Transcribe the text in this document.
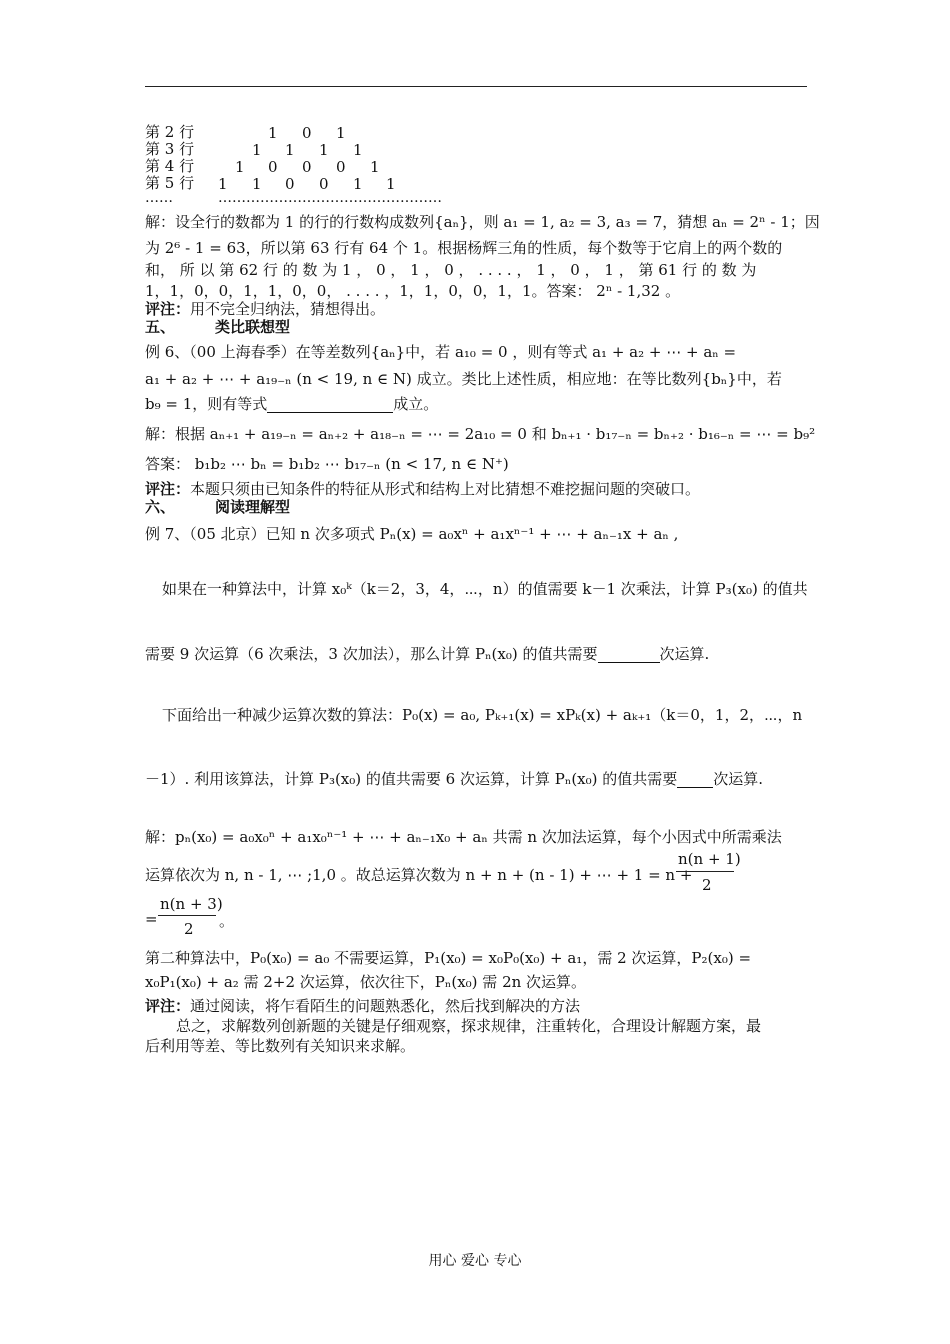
第 2 行	1 0 1
第 3 行	1 1 1 1
第 4 行	1 0 0 0 1
第 5 行 1 1 0 0 1 1
……	…………………………………………
解：设全行的数都为 1 的行的行数构成数列{aₙ}，则 a₁ = 1, a₂ = 3, a₃ = 7，猜想 aₙ = 2ⁿ - 1；因
为 2⁶ - 1 = 63，所以第 63 行有 64 个 1。根据杨辉三角的性质，每个数等于它肩上的两个数的
和， 所 以 第 62 行 的 数 为 1 ， 0 ， 1 ， 0 ， . . . . ， 1 ， 0 ， 1 ， 第 61 行 的 数 为
1，1，0，0，1，1，0，0， . . . . ，1，1，0，0，1，1。答案： 2ⁿ - 1,32 。
评注：用不完全归纳法，猜想得出。
五、	类比联想型
例 6、（00 上海春季）在等差数列{aₙ}中，若 a₁₀ = 0 ，则有等式 a₁ + a₂ + ⋯ + aₙ =
a₁ + a₂ + ⋯ + a₁₉₋ₙ (n < 19, n ∈ N) 成立。类比上述性质，相应地：在等比数列{bₙ}中，若
b₉ = 1，则有等式	成立。
解：根据 aₙ₊₁ + a₁₉₋ₙ = aₙ₊₂ + a₁₈₋ₙ = ⋯ = 2a₁₀ = 0 和 bₙ₊₁ · b₁₇₋ₙ = bₙ₊₂ · b₁₆₋ₙ = ⋯ = b₉²
答案： b₁b₂ ⋯ bₙ = b₁b₂ ⋯ b₁₇₋ₙ (n < 17, n ∈ N⁺)
评注：本题只须由已知条件的特征从形式和结构上对比猜想不难挖掘问题的突破口。
六、	阅读理解型
例 7、（05 北京）已知 n 次多项式 Pₙ(x) = a₀xⁿ + a₁xⁿ⁻¹ + ⋯ + aₙ₋₁x + aₙ ,
如果在一种算法中，计算 x₀ᵏ（k＝2，3，4，⋯，n）的值需要 k－1 次乘法，计算 P₃(x₀) 的值共
需要 9 次运算（6 次乘法，3 次加法），那么计算 Pₙ(x₀) 的值共需要	次运算.
下面给出一种减少运算次数的算法：P₀(x) = a₀, Pₖ₊₁(x) = xPₖ(x) + aₖ₊₁（k＝0，1，2，⋯，n
－1）. 利用该算法，计算 P₃(x₀) 的值共需要 6 次运算，计算 Pₙ(x₀) 的值共需要 次运算.
解：pₙ(x₀) = a₀x₀ⁿ + a₁x₀ⁿ⁻¹ + ⋯ + aₙ₋₁x₀ + aₙ 共需 n 次加法运算，每个小因式中所需乘法
运算依次为 n, n - 1, ⋯ ;1,0 。故总运算次数为 n + n + (n - 1) + ⋯ + 1 = n +
n(n + 1)
2
=
n(n + 3)
2 。
第二种算法中，P₀(x₀) = a₀ 不需要运算，P₁(x₀) = x₀P₀(x₀) + a₁，需 2 次运算，P₂(x₀) =
x₀P₁(x₀) + a₂ 需 2+2 次运算，依次往下，Pₙ(x₀) 需 2n 次运算。
评注：通过阅读，将乍看陌生的问题熟悉化，然后找到解决的方法
总之，求解数列创新题的关键是仔细观察，探求规律，注重转化，合理设计解题方案，最
后利用等差、等比数列有关知识来求解。
用心 爱心 专心
